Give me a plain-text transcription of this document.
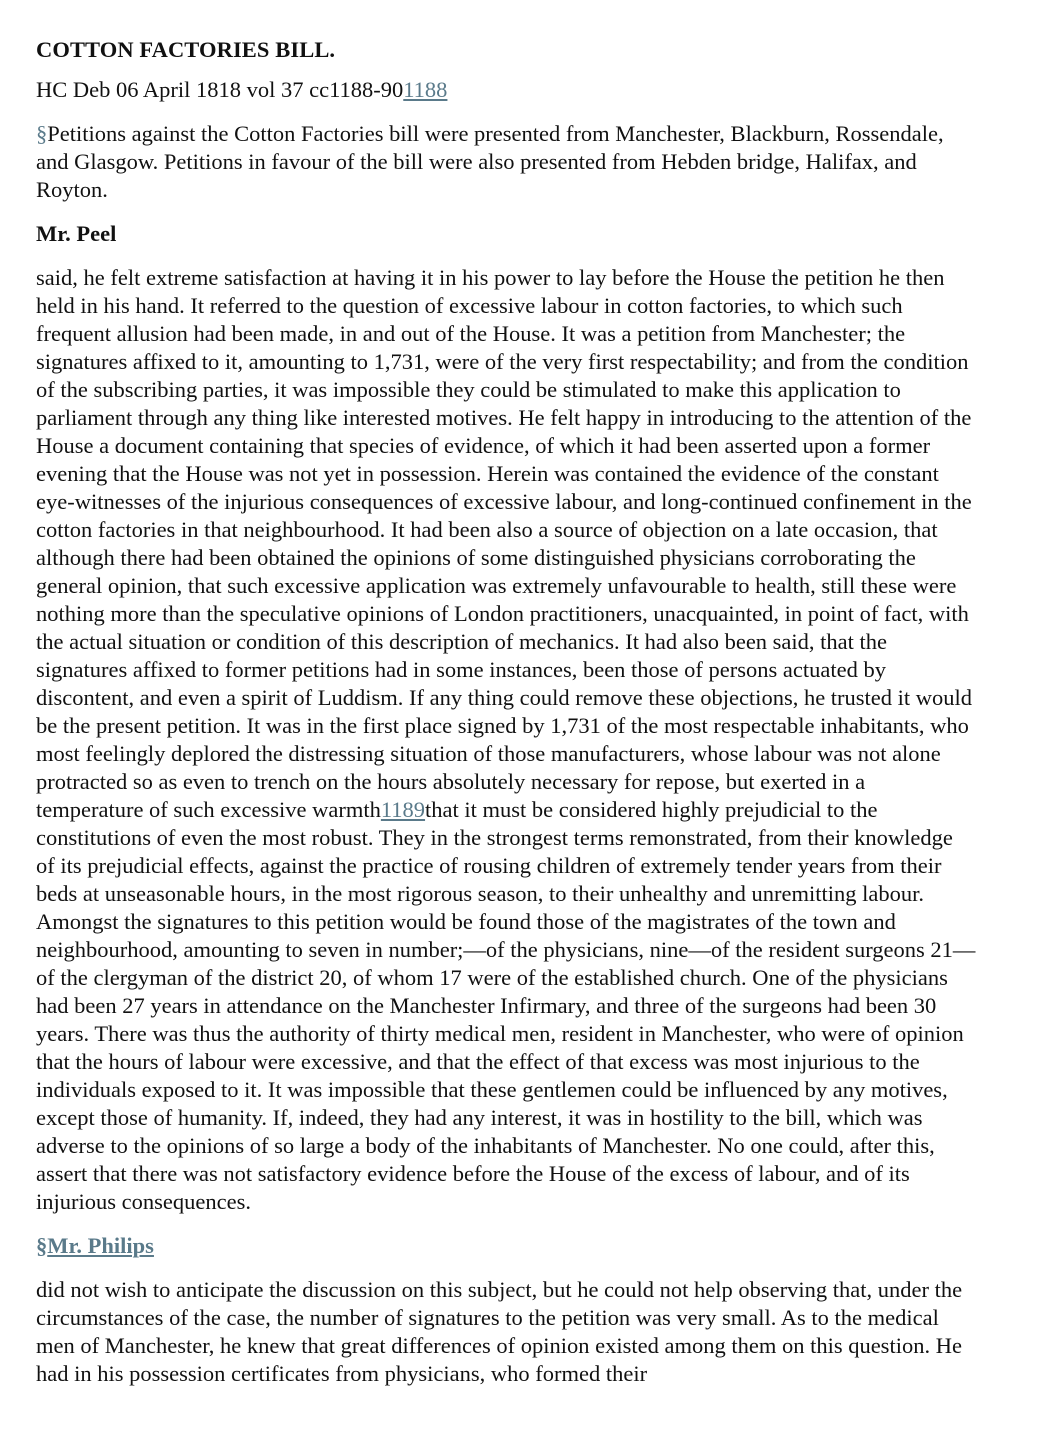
COTTON FACTORIES BILL.
HC Deb 06 April 1818 vol 37 cc1188-901188

§Petitions against the Cotton Factories bill were presented from Manchester, Blackburn, Rossendale, and Glasgow. Petitions in favour of the bill were also presented from Hebden bridge, Halifax, and Royton.

Mr. Peel

said, he felt extreme satisfaction at having it in his power to lay before the House the petition he then held in his hand. It referred to the question of excessive labour in cotton factories, to which such frequent allusion had been made, in and out of the House. It was a petition from Manchester; the signatures affixed to it, amounting to 1,731, were of the very first respectability; and from the condition of the subscribing parties, it was impossible they could be stimulated to make this application to parliament through any thing like interested motives. He felt happy in introducing to the attention of the House a document containing that species of evidence, of which it had been asserted upon a former evening that the House was not yet in possession. Herein was contained the evidence of the constant eye-witnesses of the injurious consequences of excessive labour, and long-continued confinement in the cotton factories in that neighbourhood. It had been also a source of objection on a late occasion, that although there had been obtained the opinions of some distinguished physicians corroborating the general opinion, that such excessive application was extremely unfavourable to health, still these were nothing more than the speculative opinions of London practitioners, unacquainted, in point of fact, with the actual situation or condition of this description of mechanics. It had also been said, that the signatures affixed to former petitions had in some instances, been those of persons actuated by discontent, and even a spirit of Luddism. If any thing could remove these objections, he trusted it would be the present petition. It was in the first place signed by 1,731 of the most respectable inhabitants, who most feelingly deplored the distressing situation of those manufacturers, whose labour was not alone protracted so as even to trench on the hours absolutely necessary for repose, but exerted in a temperature of such excessive warmth1189that it must be considered highly prejudicial to the constitutions of even the most robust. They in the strongest terms remonstrated, from their knowledge of its prejudicial effects, against the practice of rousing children of extremely tender years from their beds at unseasonable hours, in the most rigorous season, to their unhealthy and unremitting labour. Amongst the signatures to this petition would be found those of the magistrates of the town and neighbourhood, amounting to seven in number;—of the physicians, nine—of the resident surgeons 21—of the clergyman of the district 20, of whom 17 were of the established church. One of the physicians had been 27 years in attendance on the Manchester Infirmary, and three of the surgeons had been 30 years. There was thus the authority of thirty medical men, resident in Manchester, who were of opinion that the hours of labour were excessive, and that the effect of that excess was most injurious to the individuals exposed to it. It was impossible that these gentlemen could be influenced by any motives, except those of humanity. If, indeed, they had any interest, it was in hostility to the bill, which was adverse to the opinions of so large a body of the inhabitants of Manchester. No one could, after this, assert that there was not satisfactory evidence before the House of the excess of labour, and of its injurious consequences.

§Mr. Philips

did not wish to anticipate the discussion on this subject, but he could not help observing that, under the circumstances of the case, the number of signatures to the petition was very small. As to the medical men of Manchester, he knew that great differences of opinion existed among them on this question. He had in his possession certificates from physicians, who formed their
